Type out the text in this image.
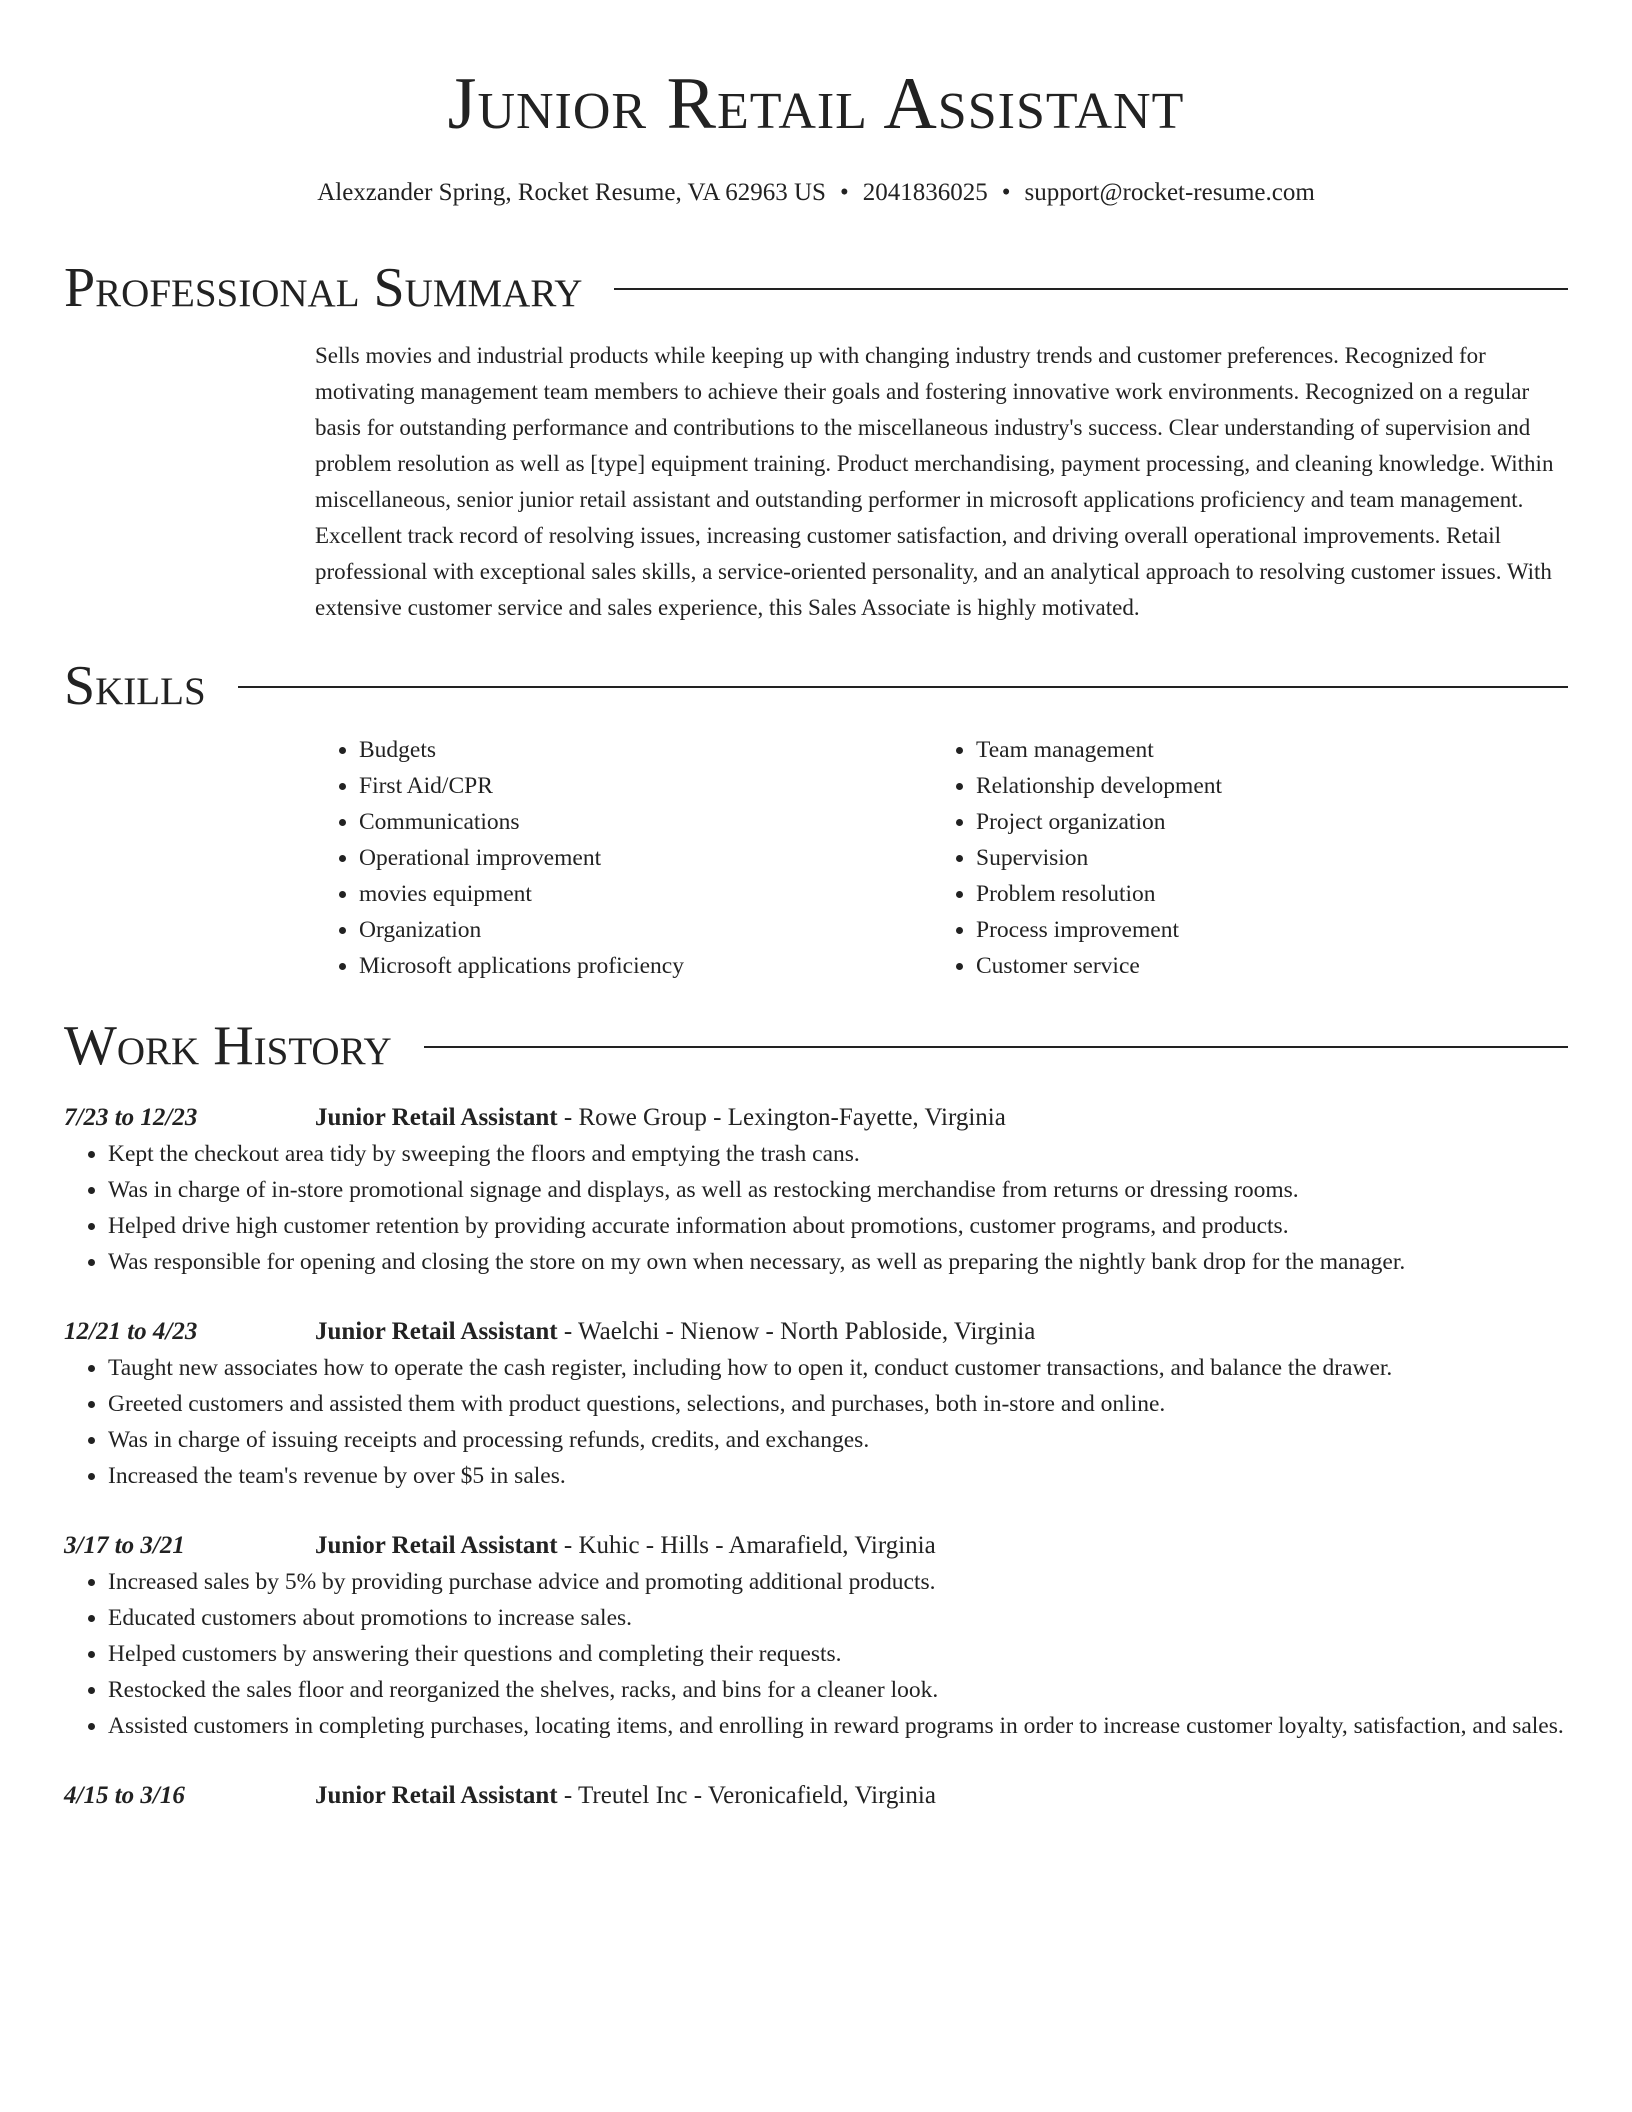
Junior Retail Assistant
Alexzander Spring, Rocket Resume, VA 62963 US • 2041836025 • support@rocket-resume.com
Professional Summary

Sells movies and industrial products while keeping up with changing industry trends and customer preferences. Recognized for motivating management team members to achieve their goals and fostering innovative work environments. Recognized on a regular basis for outstanding performance and contributions to the miscellaneous industry's success. Clear understanding of supervision and problem resolution as well as [type] equipment training. Product merchandising, payment processing, and cleaning knowledge. Within miscellaneous, senior junior retail assistant and outstanding performer in microsoft applications proficiency and team management. Excellent track record of resolving issues, increasing customer satisfaction, and driving overall operational improvements. Retail professional with exceptional sales skills, a service-oriented personality, and an analytical approach to resolving customer issues. With extensive customer service and sales experience, this Sales Associate is highly motivated.

Skills
• Budgets
• First Aid/CPR
• Communications
• Operational improvement
• movies equipment
• Organization
• Microsoft applications proficiency
• Team management
• Relationship development
• Project organization
• Supervision
• Problem resolution
• Process improvement
• Customer service
Work History
7/23 to 12/23	Junior Retail Assistant - Rowe Group - Lexington-Fayette, Virginia
• Kept the checkout area tidy by sweeping the floors and emptying the trash cans.
• Was in charge of in-store promotional signage and displays, as well as restocking merchandise from returns or dressing rooms.
• Helped drive high customer retention by providing accurate information about promotions, customer programs, and products.
• Was responsible for opening and closing the store on my own when necessary, as well as preparing the nightly bank drop for the manager.
12/21 to 4/23	Junior Retail Assistant - Waelchi - Nienow - North Pabloside, Virginia
• Taught new associates how to operate the cash register, including how to open it, conduct customer transactions, and balance the drawer.
• Greeted customers and assisted them with product questions, selections, and purchases, both in-store and online.
• Was in charge of issuing receipts and processing refunds, credits, and exchanges.
• Increased the team's revenue by over $5 in sales.
3/17 to 3/21	Junior Retail Assistant - Kuhic - Hills - Amarafield, Virginia
• Increased sales by 5% by providing purchase advice and promoting additional products.
• Educated customers about promotions to increase sales.
• Helped customers by answering their questions and completing their requests.
• Restocked the sales floor and reorganized the shelves, racks, and bins for a cleaner look.
• Assisted customers in completing purchases, locating items, and enrolling in reward programs in order to increase customer loyalty, satisfaction, and sales.
4/15 to 3/16	Junior Retail Assistant - Treutel Inc - Veronicafield, Virginia
